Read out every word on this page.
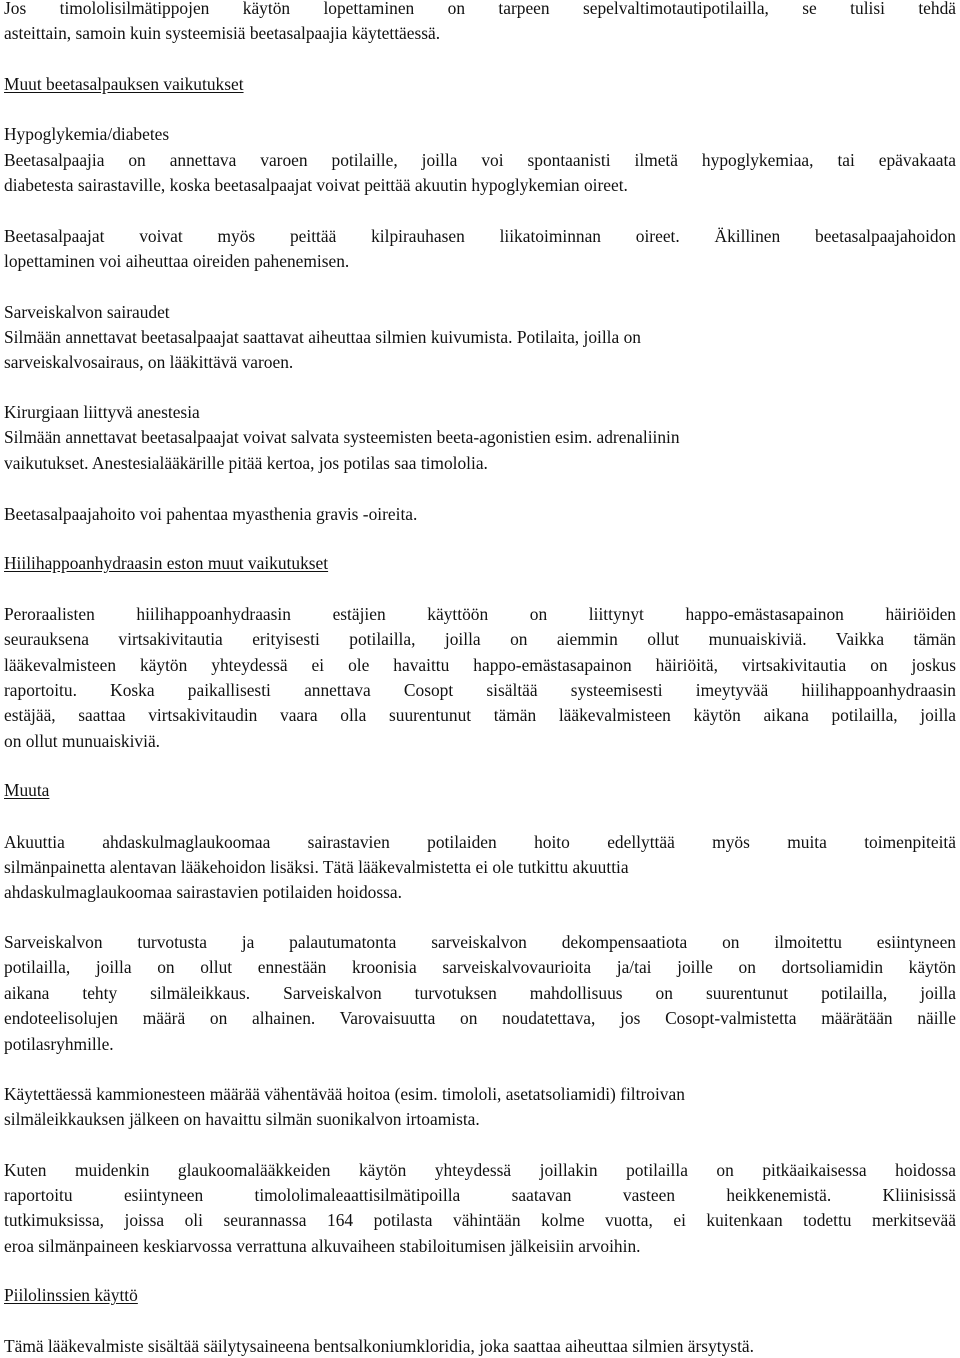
Jos timololisilmätippojen käytön lopettaminen on tarpeen sepelvaltimotautipotilailla, se tulisi tehdä

asteittain, samoin kuin systeemisiä beetasalpaajia käytettäessä.

Muut beetasalpauksen vaikutukset

Hypoglykemia/diabetes

Beetasalpaajia on annettava varoen potilaille, joilla voi spontaanisti ilmetä hypoglykemiaa, tai epävakaata

diabetesta sairastaville, koska beetasalpaajat voivat peittää akuutin hypoglykemian oireet.

Beetasalpaajat voivat myös peittää kilpirauhasen liikatoiminnan oireet. Äkillinen beetasalpaajahoidon

lopettaminen voi aiheuttaa oireiden pahenemisen.

Sarveiskalvon sairaudet

Silmään annettavat beetasalpaajat saattavat aiheuttaa silmien kuivumista. Potilaita, joilla on

sarveiskalvosairaus, on lääkittävä varoen.

Kirurgiaan liittyvä anestesia

Silmään annettavat beetasalpaajat voivat salvata systeemisten beeta-agonistien esim. adrenaliinin

vaikutukset. Anestesialääkärille pitää kertoa, jos potilas saa timololia.

Beetasalpaajahoito voi pahentaa myasthenia gravis -oireita.

Hiilihappoanhydraasin eston muut vaikutukset

Peroraalisten hiilihappoanhydraasin estäjien käyttöön on liittynyt happo-emästasapainon häiriöiden

seurauksena virtsakivitautia erityisesti potilailla, joilla on aiemmin ollut munuaiskiviä. Vaikka tämän

lääkevalmisteen käytön yhteydessä ei ole havaittu happo-emästasapainon häiriöitä, virtsakivitautia on joskus

raportoitu. Koska paikallisesti annettava Cosopt sisältää systeemisesti imeytyvää hiilihappoanhydraasin

estäjää, saattaa virtsakivitaudin vaara olla suurentunut tämän lääkevalmisteen käytön aikana potilailla, joilla

on ollut munuaiskiviä.

Muuta

Akuuttia ahdaskulmaglaukoomaa sairastavien potilaiden hoito edellyttää myös muita toimenpiteitä

silmänpainetta alentavan lääkehoidon lisäksi. Tätä lääkevalmistetta ei ole tutkittu akuuttia

ahdaskulmaglaukoomaa sairastavien potilaiden hoidossa.

Sarveiskalvon turvotusta ja palautumatonta sarveiskalvon dekompensaatiota on ilmoitettu esiintyneen

potilailla, joilla on ollut ennestään kroonisia sarveiskalvovaurioita ja/tai joille on dortsoliamidin käytön

aikana tehty silmäleikkaus. Sarveiskalvon turvotuksen mahdollisuus on suurentunut potilailla, joilla

endoteelisolujen määrä on alhainen. Varovaisuutta on noudatettava, jos Cosopt-valmistetta määrätään näille

potilasryhmille.

Käytettäessä kammionesteen määrää vähentävää hoitoa (esim. timololi, asetatsoliamidi) filtroivan

silmäleikkauksen jälkeen on havaittu silmän suonikalvon irtoamista.

Kuten muidenkin glaukoomalääkkeiden käytön yhteydessä joillakin potilailla on pitkäaikaisessa hoidossa

raportoitu esiintyneen timololimaleaattisilmätipoilla saatavan vasteen heikkenemistä. Kliinisissä

tutkimuksissa, joissa oli seurannassa 164 potilasta vähintään kolme vuotta, ei kuitenkaan todettu merkitsevää

eroa silmänpaineen keskiarvossa verrattuna alkuvaiheen stabiloitumisen jälkeisiin arvoihin.

Piilolinssien käyttö

Tämä lääkevalmiste sisältää säilytysaineena bentsalkoniumkloridia, joka saattaa aiheuttaa silmien ärsytystä.
